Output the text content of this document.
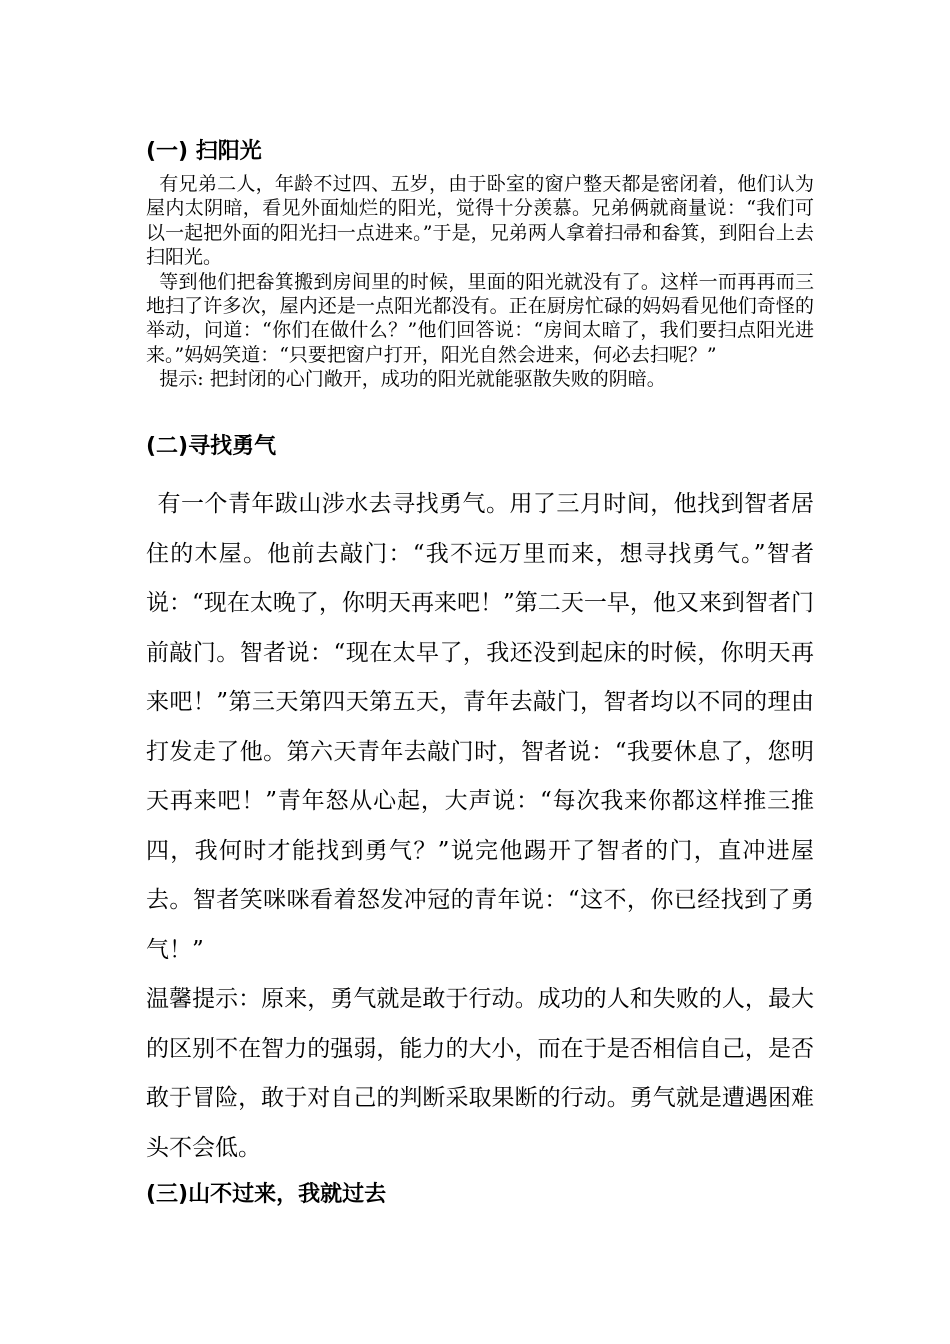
(一) 扫阳光

有兄弟二人，年龄不过四、五岁，由于卧室的窗户整天都是密闭着，他们认为屋内太阴暗，看见外面灿烂的阳光，觉得十分羡慕。兄弟俩就商量说：“我们可以一起把外面的阳光扫一点进来。”于是，兄弟两人拿着扫帚和畚箕，到阳台上去扫阳光。

等到他们把畚箕搬到房间里的时候，里面的阳光就没有了。这样一而再再而三地扫了许多次，屋内还是一点阳光都没有。正在厨房忙碌的妈妈看见他们奇怪的举动，问道：“你们在做什么？”他们回答说：“房间太暗了，我们要扫点阳光进来。”妈妈笑道：“只要把窗户打开，阳光自然会进来，何必去扫呢？”

提示: 把封闭的心门敞开，成功的阳光就能驱散失败的阴暗。

(二)寻找勇气

有一个青年跋山涉水去寻找勇气。用了三月时间，他找到智者居住的木屋。他前去敲门：“我不远万里而来，想寻找勇气。”智者说：“现在太晚了，你明天再来吧！”第二天一早，他又来到智者门前敲门。智者说：“现在太早了，我还没到起床的时候，你明天再来吧！”第三天第四天第五天，青年去敲门，智者均以不同的理由打发走了他。第六天青年去敲门时，智者说：“我要休息了，您明天再来吧！”青年怒从心起，大声说：“每次我来你都这样推三推四，我何时才能找到勇气？”说完他踢开了智者的门，直冲进屋去。智者笑咪咪看着怒发冲冠的青年说：“这不，你已经找到了勇气！”

温馨提示：原来，勇气就是敢于行动。成功的人和失败的人，最大的区别不在智力的强弱，能力的大小，而在于是否相信自己，是否敢于冒险，敢于对自己的判断采取果断的行动。勇气就是遭遇困难头不会低。

(三)山不过来，我就过去
